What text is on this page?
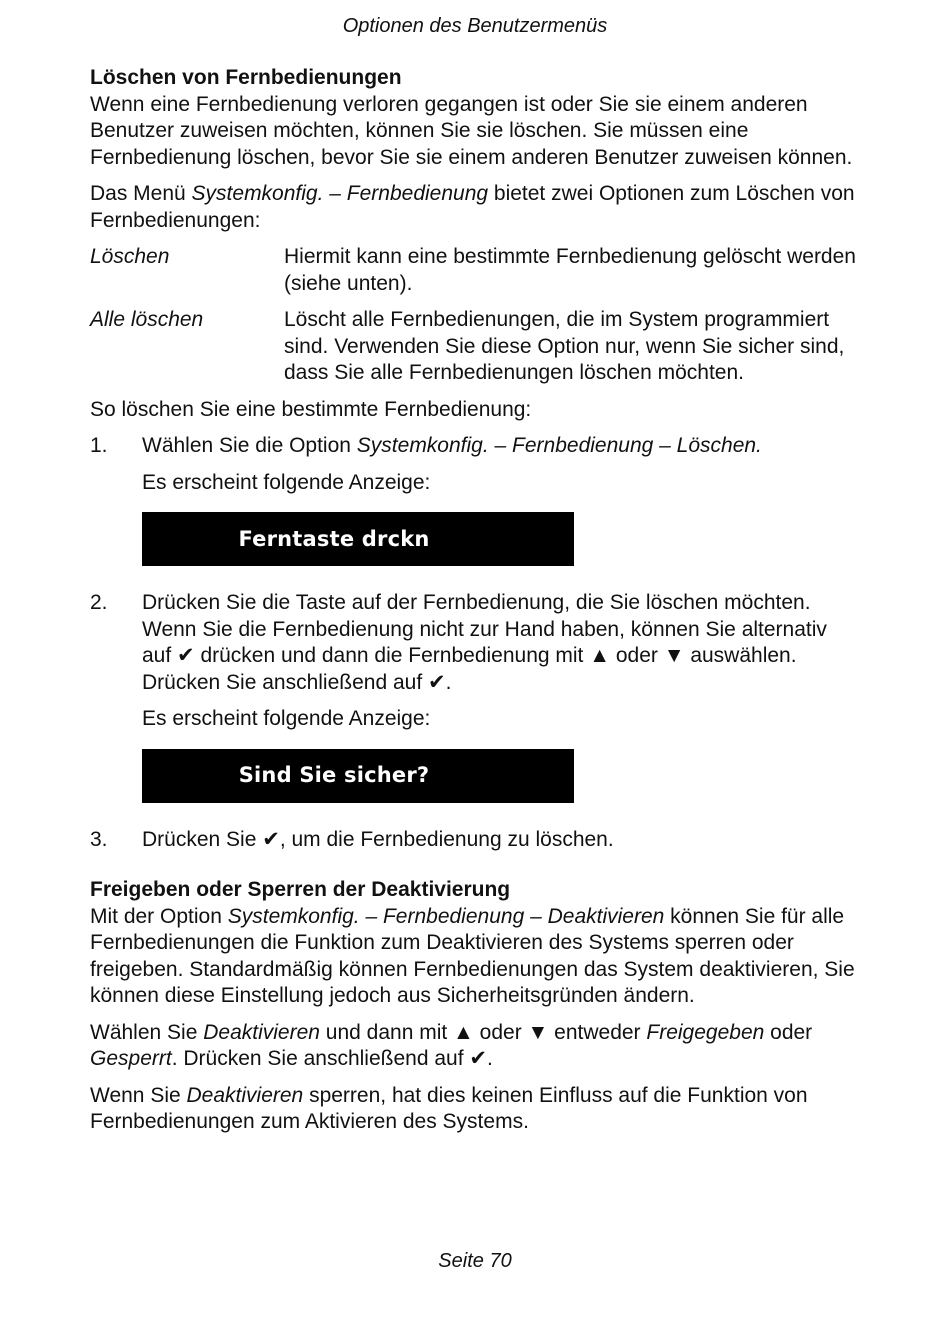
Optionen des Benutzermenüs
Löschen von Fernbedienungen

Wenn eine Fernbedienung verloren gegangen ist oder Sie sie einem anderen Benutzer zuweisen möchten, können Sie sie löschen. Sie müssen eine Fernbedienung löschen, bevor Sie sie einem anderen Benutzer zuweisen können.

Das Menü Systemkonfig. – Fernbedienung bietet zwei Optionen zum Löschen von Fernbedienungen:

Löschen	Hiermit kann eine bestimmte Fernbedienung gelöscht werden (siehe unten).
Alle löschen	Löscht alle Fernbedienungen, die im System programmiert sind. Verwenden Sie diese Option nur, wenn Sie sicher sind, dass Sie alle Fernbedienungen löschen möchten.

So löschen Sie eine bestimmte Fernbedienung:

1.	Wählen Sie die Option Systemkonfig. – Fernbedienung – Löschen.

Es erscheint folgende Anzeige:

Ferntaste drckn
2.	Drücken Sie die Taste auf der Fernbedienung, die Sie löschen möchten. Wenn Sie die Fernbedienung nicht zur Hand haben, können Sie alternativ auf ✔ drücken und dann die Fernbedienung mit ▲ oder ▼ auswählen. Drücken Sie anschließend auf ✔.

Es erscheint folgende Anzeige:

Sind Sie sicher?
3.	Drücken Sie ✔, um die Fernbedienung zu löschen.

Freigeben oder Sperren der Deaktivierung

Mit der Option Systemkonfig. – Fernbedienung – Deaktivieren können Sie für alle Fernbedienungen die Funktion zum Deaktivieren des Systems sperren oder freigeben. Standardmäßig können Fernbedienungen das System deaktivieren, Sie können diese Einstellung jedoch aus Sicherheitsgründen ändern.

Wählen Sie Deaktivieren und dann mit ▲ oder ▼ entweder Freigegeben oder Gesperrt. Drücken Sie anschließend auf ✔.

Wenn Sie Deaktivieren sperren, hat dies keinen Einfluss auf die Funktion von Fernbedienungen zum Aktivieren des Systems.

Seite 70
